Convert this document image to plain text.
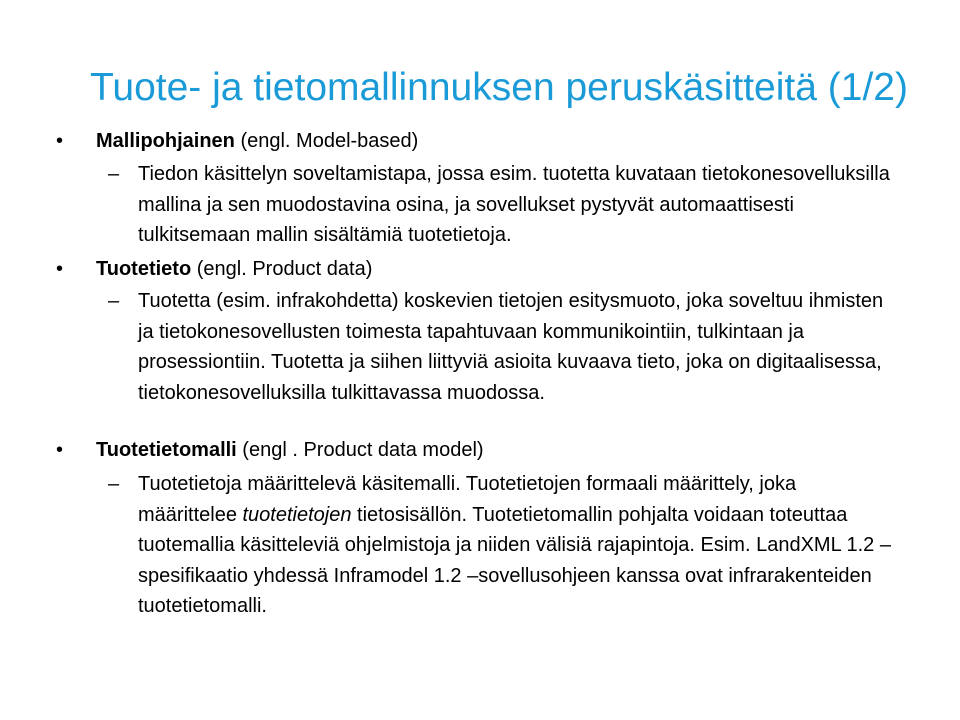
Tuote- ja tietomallinnuksen peruskäsitteitä (1/2)
• Mallipohjainen (engl. Model-based)
– Tiedon käsittelyn soveltamistapa, jossa esim. tuotetta kuvataan tietokonesovelluksilla mallina ja sen muodostavina osina, ja sovellukset pystyvät automaattisesti tulkitsemaan mallin sisältämiä tuotetietoja.
• Tuotetieto (engl. Product data)
– Tuotetta (esim. infrakohdetta) koskevien tietojen esitysmuoto, joka soveltuu ihmisten ja tietokonesovellusten toimesta tapahtuvaan kommunikointiin, tulkintaan ja prosessiontiin. Tuotetta ja siihen liittyviä asioita kuvaava tieto, joka on digitaalisessa, tietokonesovelluksilla tulkittavassa muodossa.
• Tuotetietomalli (engl . Product data model)
– Tuotetietoja määrittelevä käsitemalli. Tuotetietojen formaali määrittely, joka määrittelee tuotetietojen tietosisällön. Tuotetietomallin pohjalta voidaan toteuttaa tuotemallia käsitteleviä ohjelmistoja ja niiden välisiä rajapintoja. Esim. LandXML 1.2 –spesifikaatio yhdessä Inframodel 1.2 –sovellusohjeen kanssa ovat infrarakenteiden tuotetietomalli.
